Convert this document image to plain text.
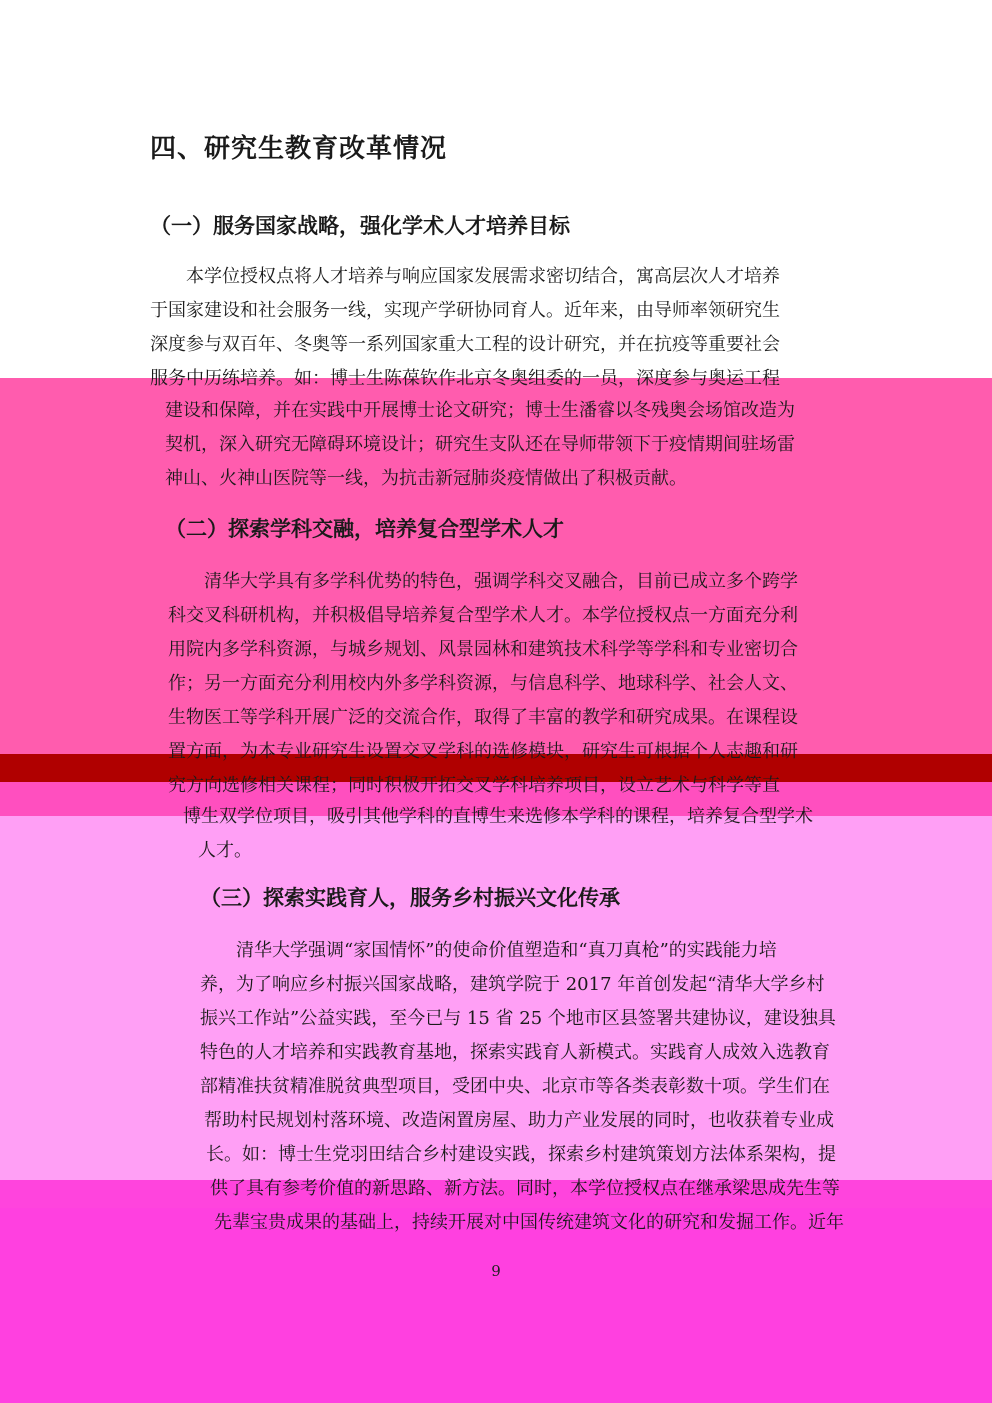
四、研究生教育改革情况
（一）服务国家战略，强化学术人才培养目标

本学位授权点将人才培养与响应国家发展需求密切结合，寓高层次人才培养

于国家建设和社会服务一线，实现产学研协同育人。近年来，由导师率领研究生

深度参与双百年、冬奥等一系列国家重大工程的设计研究，并在抗疫等重要社会

服务中历练培养。如：博士生陈葆钦作北京冬奥组委的一员，深度参与奥运工程

建设和保障，并在实践中开展博士论文研究；博士生潘睿以冬残奥会场馆改造为

契机，深入研究无障碍环境设计；研究生支队还在导师带领下于疫情期间驻场雷

神山、火神山医院等一线，为抗击新冠肺炎疫情做出了积极贡献。

（二）探索学科交融，培养复合型学术人才

清华大学具有多学科优势的特色，强调学科交叉融合，目前已成立多个跨学

科交叉科研机构，并积极倡导培养复合型学术人才。本学位授权点一方面充分利

用院内多学科资源，与城乡规划、风景园林和建筑技术科学等学科和专业密切合

作；另一方面充分利用校内外多学科资源，与信息科学、地球科学、社会人文、

生物医工等学科开展广泛的交流合作，取得了丰富的教学和研究成果。在课程设

置方面，为本专业研究生设置交叉学科的选修模块，研究生可根据个人志趣和研

究方向选修相关课程；同时积极开拓交叉学科培养项目，设立艺术与科学等直

博生双学位项目，吸引其他学科的直博生来选修本学科的课程，培养复合型学术

人才。

（三）探索实践育人，服务乡村振兴文化传承

清华大学强调“家国情怀”的使命价值塑造和“真刀真枪”的实践能力培

养，为了响应乡村振兴国家战略，建筑学院于 2017 年首创发起“清华大学乡村

振兴工作站”公益实践，至今已与 15 省 25 个地市区县签署共建协议，建设独具

特色的人才培养和实践教育基地，探索实践育人新模式。实践育人成效入选教育

部精准扶贫精准脱贫典型项目，受团中央、北京市等各类表彰数十项。学生们在

帮助村民规划村落环境、改造闲置房屋、助力产业发展的同时，也收获着专业成

长。如：博士生党羽田结合乡村建设实践，探索乡村建筑策划方法体系架构，提

供了具有参考价值的新思路、新方法。同时，本学位授权点在继承梁思成先生等

先辈宝贵成果的基础上，持续开展对中国传统建筑文化的研究和发掘工作。近年

9
